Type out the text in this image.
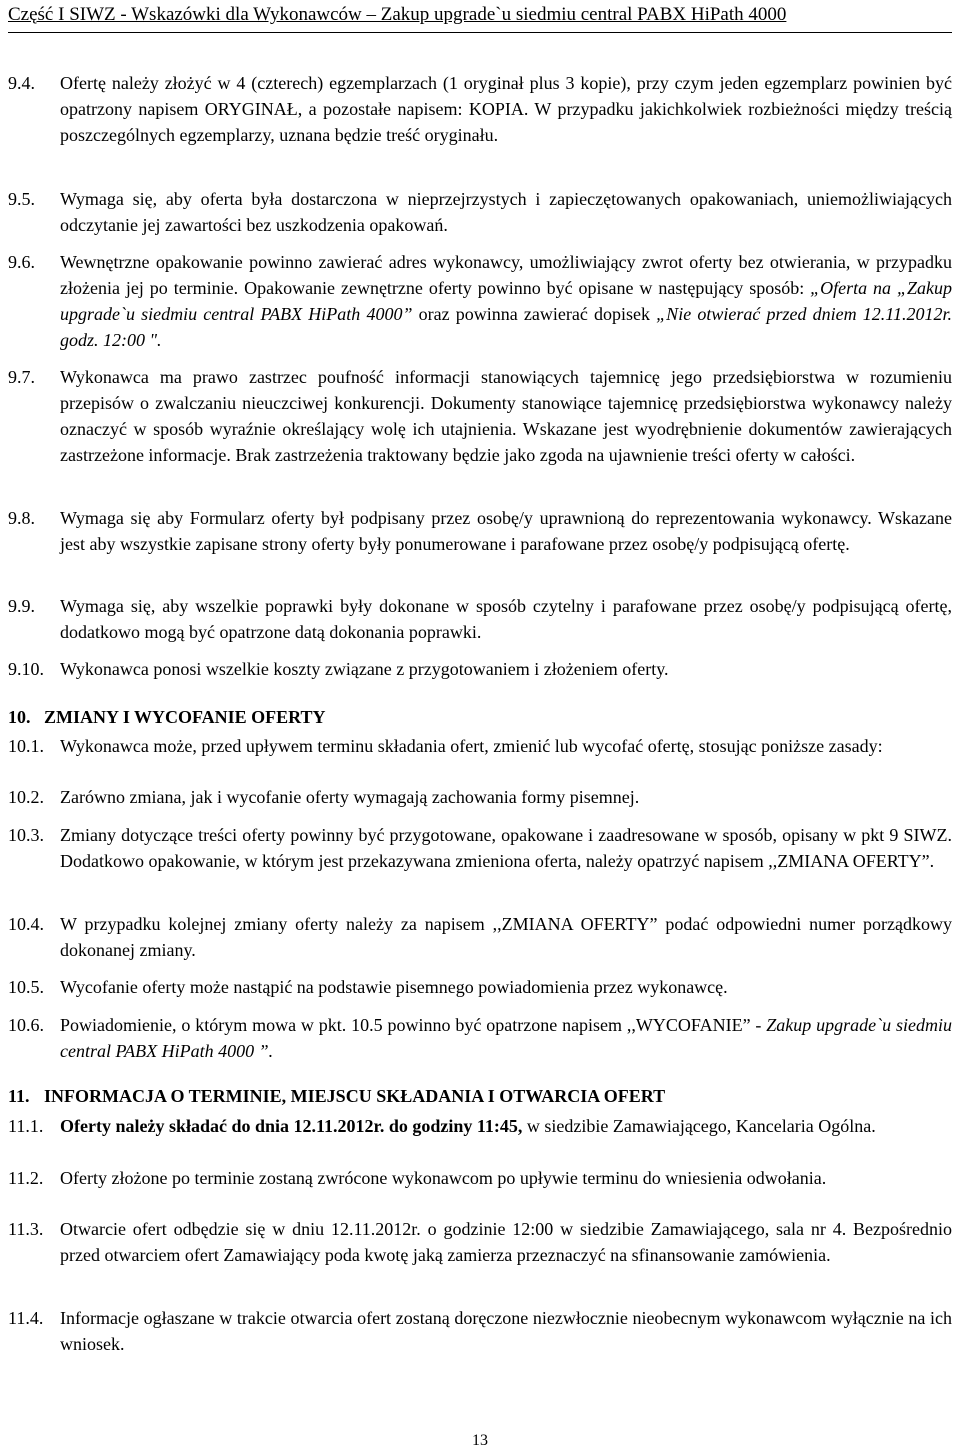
Część I SIWZ - Wskazówki dla Wykonawców – Zakup upgrade`u siedmiu central PABX HiPath 4000
9.4. Ofertę należy złożyć w 4 (czterech) egzemplarzach (1 oryginał plus 3 kopie), przy czym jeden egzemplarz powinien być opatrzony napisem ORYGINAŁ, a pozostałe napisem: KOPIA. W przypadku jakichkolwiek rozbieżności między treścią poszczególnych egzemplarzy, uznana będzie treść oryginału.
9.5. Wymaga się, aby oferta była dostarczona w nieprzejrzystych i zapieczętowanych opakowaniach, uniemożliwiających odczytanie jej zawartości bez uszkodzenia opakowań.
9.6. Wewnętrzne opakowanie powinno zawierać adres wykonawcy, umożliwiający zwrot oferty bez otwierania, w przypadku złożenia jej po terminie. Opakowanie zewnętrzne oferty powinno być opisane w następujący sposób: „Oferta na „Zakup upgrade`u siedmiu central PABX HiPath 4000” oraz powinna zawierać dopisek „Nie otwierać przed dniem 12.11.2012r. godz. 12:00 ".
9.7. Wykonawca ma prawo zastrzec poufność informacji stanowiących tajemnicę jego przedsiębiorstwa w rozumieniu przepisów o zwalczaniu nieuczciwej konkurencji. Dokumenty stanowiące tajemnicę przedsiębiorstwa wykonawcy należy oznaczyć w sposób wyraźnie określający wolę ich utajnienia. Wskazane jest wyodrębnienie dokumentów zawierających zastrzeżone informacje. Brak zastrzeżenia traktowany będzie jako zgoda na ujawnienie treści oferty w całości.
9.8. Wymaga się aby Formularz oferty był podpisany przez osobę/y uprawnioną do reprezentowania wykonawcy. Wskazane jest aby wszystkie zapisane strony oferty były ponumerowane i parafowane przez osobę/y podpisującą ofertę.
9.9. Wymaga się, aby wszelkie poprawki były dokonane w sposób czytelny i parafowane przez osobę/y podpisującą ofertę, dodatkowo mogą być opatrzone datą dokonania poprawki.
9.10. Wykonawca ponosi wszelkie koszty związane z przygotowaniem i złożeniem oferty.
10. ZMIANY I WYCOFANIE OFERTY
10.1. Wykonawca może, przed upływem terminu składania ofert, zmienić lub wycofać ofertę, stosując poniższe zasady:
10.2. Zarówno zmiana, jak i wycofanie oferty wymagają zachowania formy pisemnej.
10.3. Zmiany dotyczące treści oferty powinny być przygotowane, opakowane i zaadresowane w sposób, opisany w pkt 9 SIWZ. Dodatkowo opakowanie, w którym jest przekazywana zmieniona oferta, należy opatrzyć napisem ,,ZMIANA OFERTY”.
10.4. W przypadku kolejnej zmiany oferty należy za napisem ,,ZMIANA OFERTY” podać odpowiedni numer porządkowy dokonanej zmiany.
10.5. Wycofanie oferty może nastąpić na podstawie pisemnego powiadomienia przez wykonawcę.
10.6. Powiadomienie, o którym mowa w pkt. 10.5 powinno być opatrzone napisem ,,WYCOFANIE” - Zakup upgrade`u siedmiu central PABX HiPath 4000 ”.
11. INFORMACJA O TERMINIE, MIEJSCU SKŁADANIA I OTWARCIA OFERT
11.1. Oferty należy składać do dnia 12.11.2012r. do godziny 11:45, w siedzibie Zamawiającego, Kancelaria Ogólna.
11.2. Oferty złożone po terminie zostaną zwrócone wykonawcom po upływie terminu do wniesienia odwołania.
11.3. Otwarcie ofert odbędzie się w dniu 12.11.2012r. o godzinie 12:00 w siedzibie Zamawiającego, sala nr 4. Bezpośrednio przed otwarciem ofert Zamawiający poda kwotę jaką zamierza przeznaczyć na sfinansowanie zamówienia.
11.4. Informacje ogłaszane w trakcie otwarcia ofert zostaną doręczone niezwłocznie nieobecnym wykonawcom wyłącznie na ich wniosek.
13
